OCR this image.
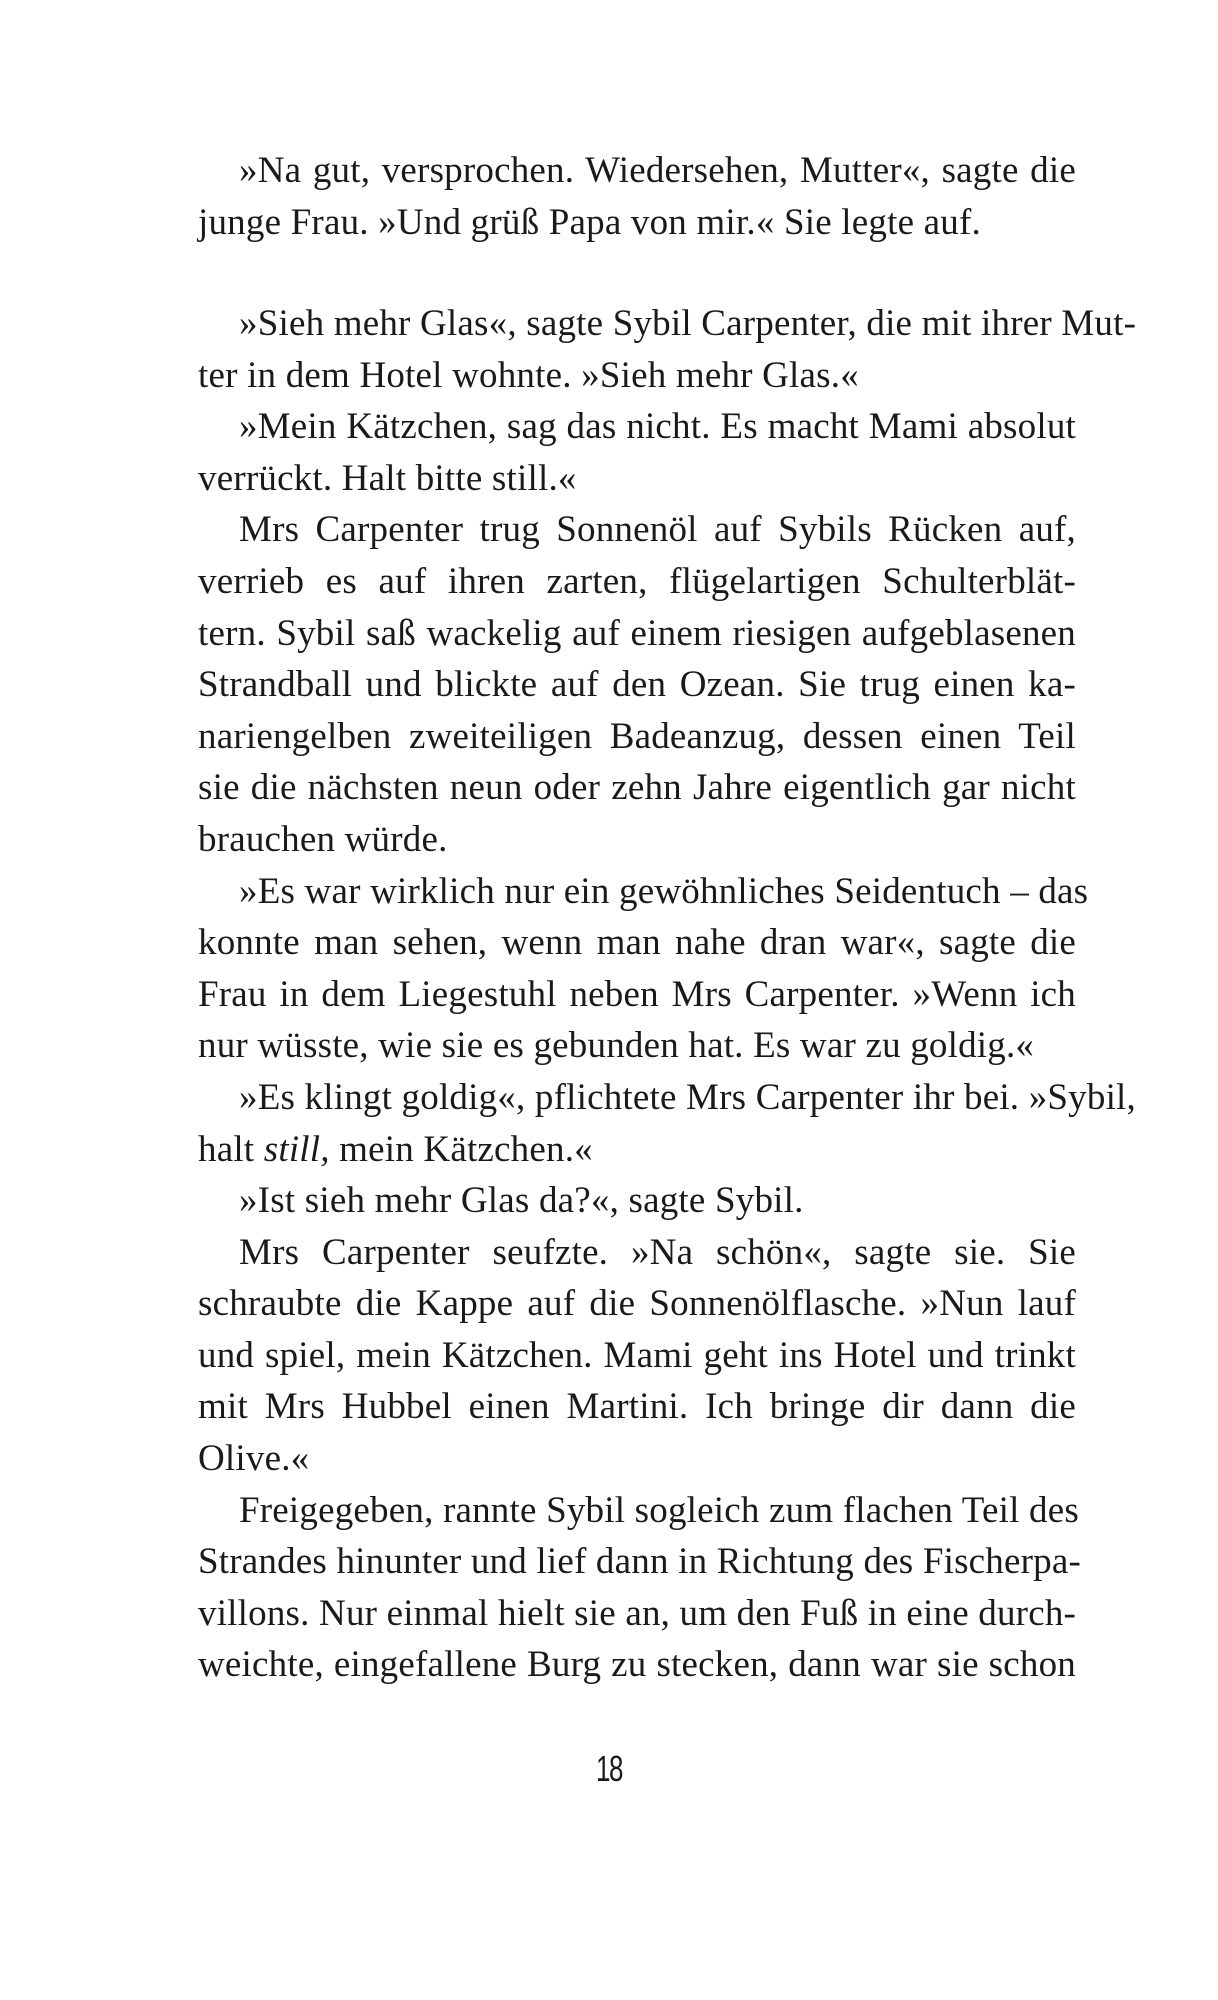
»Na gut, versprochen. Wiedersehen, Mutter«, sagte die
junge Frau. »Und grüß Papa von mir.« Sie legte auf.
»Sieh mehr Glas«, sagte Sybil Carpenter, die mit ihrer Mut-
ter in dem Hotel wohnte. »Sieh mehr Glas.«
»Mein Kätzchen, sag das nicht. Es macht Mami absolut
verrückt. Halt bitte still.«
Mrs Carpenter trug Sonnenöl auf Sybils Rücken auf,
verrieb es auf ihren zarten, flügelartigen Schulterblät-
tern. Sybil saß wackelig auf einem riesigen aufgeblasenen
Strandball und blickte auf den Ozean. Sie trug einen ka-
nariengelben zweiteiligen Badeanzug, dessen einen Teil
sie die nächsten neun oder zehn Jahre eigentlich gar nicht
brauchen würde.
»Es war wirklich nur ein gewöhnliches Seidentuch – das
konnte man sehen, wenn man nahe dran war«, sagte die
Frau in dem Liegestuhl neben Mrs Carpenter. »Wenn ich
nur wüsste, wie sie es gebunden hat. Es war zu goldig.«
»Es klingt goldig«, pflichtete Mrs Carpenter ihr bei. »Sybil,
halt still, mein Kätzchen.«
»Ist sieh mehr Glas da?«, sagte Sybil.
Mrs Carpenter seufzte. »Na schön«, sagte sie. Sie
schraubte die Kappe auf die Sonnenölflasche. »Nun lauf
und spiel, mein Kätzchen. Mami geht ins Hotel und trinkt
mit Mrs Hubbel einen Martini. Ich bringe dir dann die
Olive.«
Freigegeben, rannte Sybil sogleich zum flachen Teil des
Strandes hinunter und lief dann in Richtung des Fischerpa-
villons. Nur einmal hielt sie an, um den Fuß in eine durch-
weichte, eingefallene Burg zu stecken, dann war sie schon
18
